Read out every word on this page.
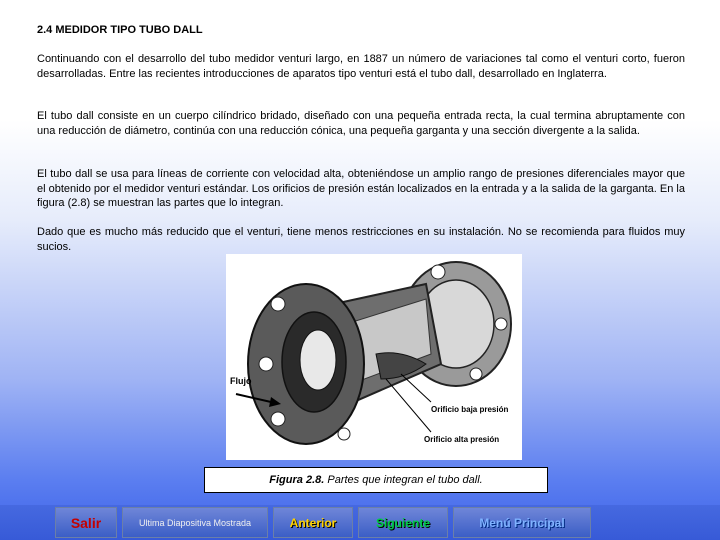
2.4 MEDIDOR TIPO TUBO DALL

Continuando con el desarrollo del tubo medidor venturi largo, en 1887 un número de variaciones tal como el venturi corto, fueron desarrolladas. Entre las recientes introducciones de aparatos tipo venturi está el tubo dall, desarrollado en Inglaterra.

El tubo dall consiste en un cuerpo cilíndrico bridado, diseñado con una pequeña entrada recta, la cual termina abruptamente con una reducción de diámetro, continúa con una reducción cónica, una pequeña garganta y una sección divergente a la salida.

El tubo dall se usa para líneas de corriente con velocidad alta, obteniéndose un amplio rango de presiones diferenciales mayor que el obtenido por el medidor venturi estándar. Los orificios de presión están localizados en la entrada y a la salida de la garganta. En la figura (2.8) se muestran las partes que lo integran.

Dado que es mucho más reducido que el venturi, tiene menos restricciones en su instalación. No se recomienda para fluidos muy sucios.

Flujo
Orificio baja presión
Orificio alta presión
Figura 2.8. Partes que integran el tubo dall.
Salir	Ultima Diapositiva Mostrada	Anterior	Siguiente	Menú Principal
